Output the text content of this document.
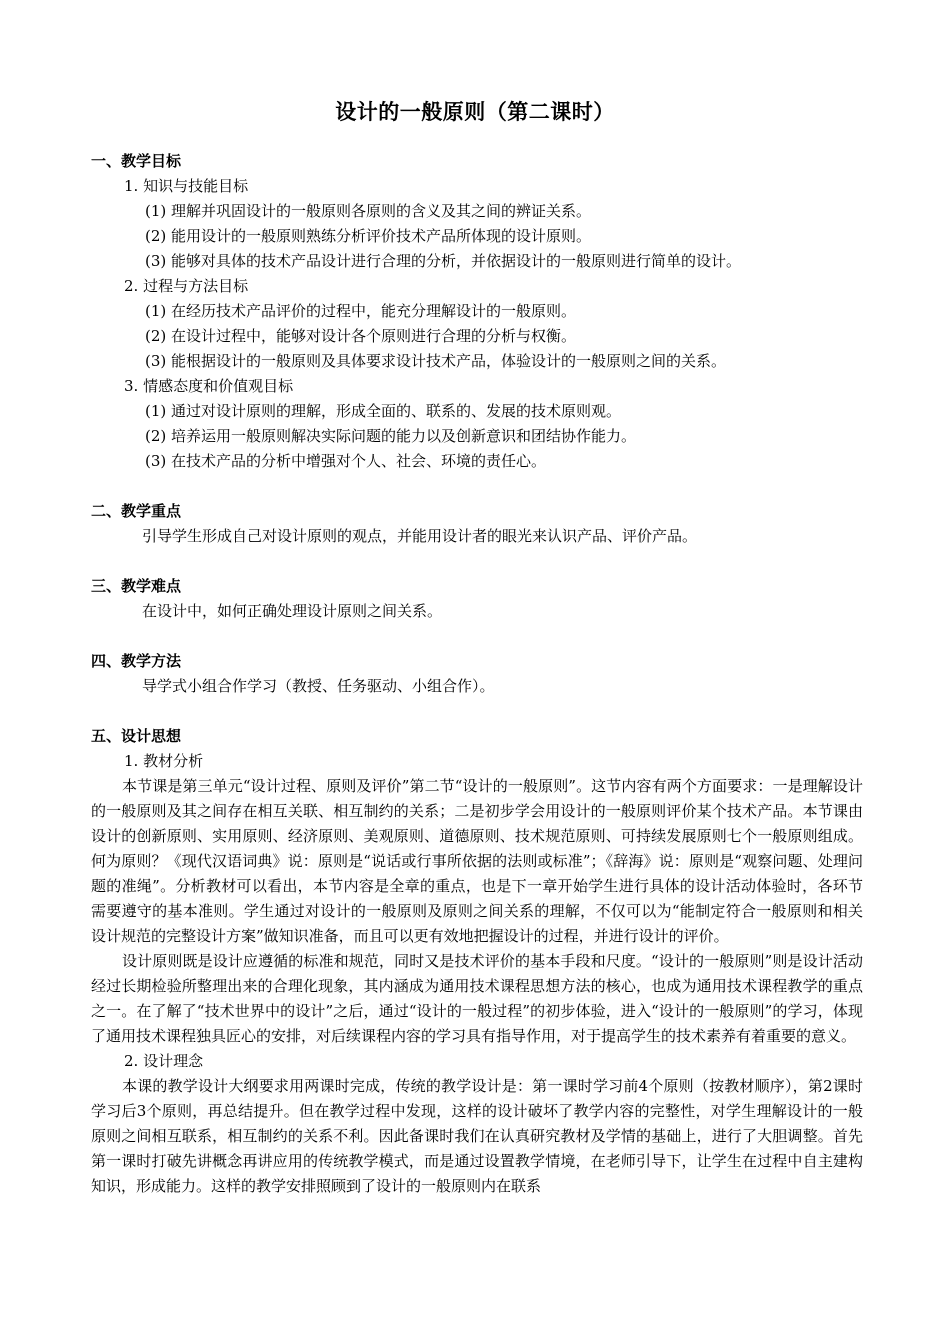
设计的一般原则（第二课时）
一、教学目标
1. 知识与技能目标
(1) 理解并巩固设计的一般原则各原则的含义及其之间的辨证关系。
(2) 能用设计的一般原则熟练分析评价技术产品所体现的设计原则。
(3) 能够对具体的技术产品设计进行合理的分析，并依据设计的一般原则进行简单的设计。
2. 过程与方法目标
(1) 在经历技术产品评价的过程中，能充分理解设计的一般原则。
(2) 在设计过程中，能够对设计各个原则进行合理的分析与权衡。
(3) 能根据设计的一般原则及具体要求设计技术产品，体验设计的一般原则之间的关系。
3. 情感态度和价值观目标
(1) 通过对设计原则的理解，形成全面的、联系的、发展的技术原则观。
(2) 培养运用一般原则解决实际问题的能力以及创新意识和团结协作能力。
(3) 在技术产品的分析中增强对个人、社会、环境的责任心。
二、教学重点
引导学生形成自己对设计原则的观点，并能用设计者的眼光来认识产品、评价产品。
三、教学难点
在设计中，如何正确处理设计原则之间关系。
四、教学方法
导学式小组合作学习（教授、任务驱动、小组合作）。
五、设计思想
1. 教材分析

本节课是第三单元“设计过程、原则及评价”第二节“设计的一般原则”。这节内容有两个方面要求：一是理解设计的一般原则及其之间存在相互关联、相互制约的关系；二是初步学会用设计的一般原则评价某个技术产品。本节课由设计的创新原则、实用原则、经济原则、美观原则、道德原则、技术规范原则、可持续发展原则七个一般原则组成。何为原则？《现代汉语词典》说：原则是“说话或行事所依据的法则或标准”；《辞海》说：原则是“观察问题、处理问题的准绳”。分析教材可以看出，本节内容是全章的重点，也是下一章开始学生进行具体的设计活动体验时，各环节需要遵守的基本准则。学生通过对设计的一般原则及原则之间关系的理解，不仅可以为“能制定符合一般原则和相关设计规范的完整设计方案”做知识准备，而且可以更有效地把握设计的过程，并进行设计的评价。

设计原则既是设计应遵循的标准和规范，同时又是技术评价的基本手段和尺度。“设计的一般原则”则是设计活动经过长期检验所整理出来的合理化现象，其内涵成为通用技术课程思想方法的核心，也成为通用技术课程教学的重点之一。在了解了“技术世界中的设计”之后，通过“设计的一般过程”的初步体验，进入“设计的一般原则”的学习，体现了通用技术课程独具匠心的安排，对后续课程内容的学习具有指导作用，对于提高学生的技术素养有着重要的意义。

2. 设计理念

本课的教学设计大纲要求用两课时完成，传统的教学设计是：第一课时学习前4个原则（按教材顺序），第2课时学习后3个原则，再总结提升。但在教学过程中发现，这样的设计破坏了教学内容的完整性，对学生理解设计的一般原则之间相互联系，相互制约的关系不利。因此备课时我们在认真研究教材及学情的基础上，进行了大胆调整。首先第一课时打破先讲概念再讲应用的传统教学模式，而是通过设置教学情境，在老师引导下，让学生在过程中自主建构知识，形成能力。这样的教学安排照顾到了设计的一般原则内在联系
